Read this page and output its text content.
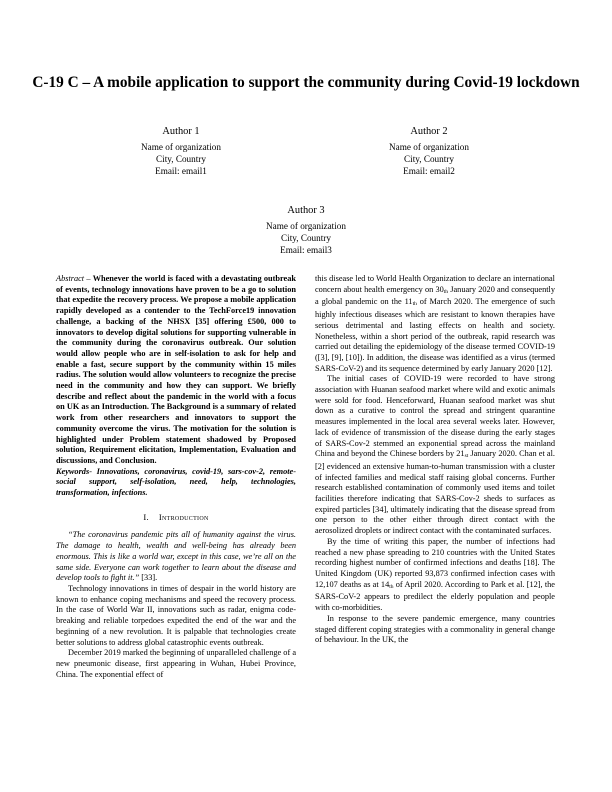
C-19 C – A mobile application to support the community during Covid-19 lockdown
Author 1
Name of organization
City, Country
Email: email1
Author 2
Name of organization
City, Country
Email: email2
Author 3
Name of organization
City, Country
Email: email3

Abstract – Whenever the world is faced with a devastating outbreak of events, technology innovations have proven to be a go to solution that expedite the recovery process. We propose a mobile application rapidly developed as a contender to the TechForce19 innovation challenge, a backing of the NHSX [35] offering £500, 000 to innovators to develop digital solutions for supporting vulnerable in the community during the coronavirus outbreak. Our solution would allow people who are in self-isolation to ask for help and enable a fast, secure support by the community within 15 miles radius. The solution would allow volunteers to recognize the precise need in the community and how they can support. We briefly describe and reflect about the pandemic in the world with a focus on UK as an Introduction. The Background is a summary of related work from other researchers and innovators to support the community overcome the virus. The motivation for the solution is highlighted under Problem statement shadowed by Proposed solution, Requirement elicitation, Implementation, Evaluation and discussions, and Conclusion.

Keywords- Innovations, coronavirus, covid-19, sars-cov-2, remote-social support, self-isolation, need, help, technologies, transformation, infections.

I. Introduction

“The coronavirus pandemic pits all of humanity against the virus. The damage to health, wealth and well-being has already been enormous. This is like a world war, except in this case, we’re all on the same side. Everyone can work together to learn about the disease and develop tools to fight it.” [33].

Technology innovations in times of despair in the world history are known to enhance coping mechanisms and speed the recovery process. In the case of World War II, innovations such as radar, enigma code-breaking and reliable torpedoes expedited the end of the war and the beginning of a new revolution. It is palpable that technologies create better solutions to address global catastrophic events outbreak.

December 2019 marked the beginning of unparalleled challenge of a new pneumonic disease, first appearing in Wuhan, Hubei Province, China. The exponential effect of

this disease led to World Health Organization to declare an international concern about health emergency on $30_{th}$ January 2020 and consequently a global pandemic on the $11_{th}$ of March 2020. The emergence of such highly infectious diseases which are resistant to known therapies have serious detrimental and lasting effects on health and society. Nonetheless, within a short period of the outbreak, rapid research was carried out detailing the epidemiology of the disease termed COVID-19 ([3], [9], [10]). In addition, the disease was identified as a virus (termed SARS-CoV-2) and its sequence determined by early January 2020 [12].

The initial cases of COVID-19 were recorded to have strong association with Huanan seafood market where wild and exotic animals were sold for food. Henceforward, Huanan seafood market was shut down as a curative to control the spread and stringent quarantine measures implemented in the local area several weeks later. However, lack of evidence of transmission of the disease during the early stages of SARS-Cov-2 stemmed an exponential spread across the mainland China and beyond the Chinese borders by $21_{st}$ January 2020. Chan et al. [2] evidenced an extensive human-to-human transmission with a cluster of infected families and medical staff raising global concerns. Further research established contamination of commonly used items and toilet facilities therefore indicating that SARS-Cov-2 sheds to surfaces as expired particles [34], ultimately indicating that the disease spread from one person to the other either through direct contact with the aerosolized droplets or indirect contact with the contaminated surfaces.

By the time of writing this paper, the number of infections had reached a new phase spreading to 210 countries with the United States recording highest number of confirmed infections and deaths [18]. The United Kingdom (UK) reported 93,873 confirmed infection cases with 12,107 deaths as at $14_{th}$ of April 2020. According to Park et al. [12], the SARS-CoV-2 appears to predilect the elderly population and people with co-morbidities.

In response to the severe pandemic emergence, many countries staged different coping strategies with a commonality in general change of behaviour. In the UK, the
